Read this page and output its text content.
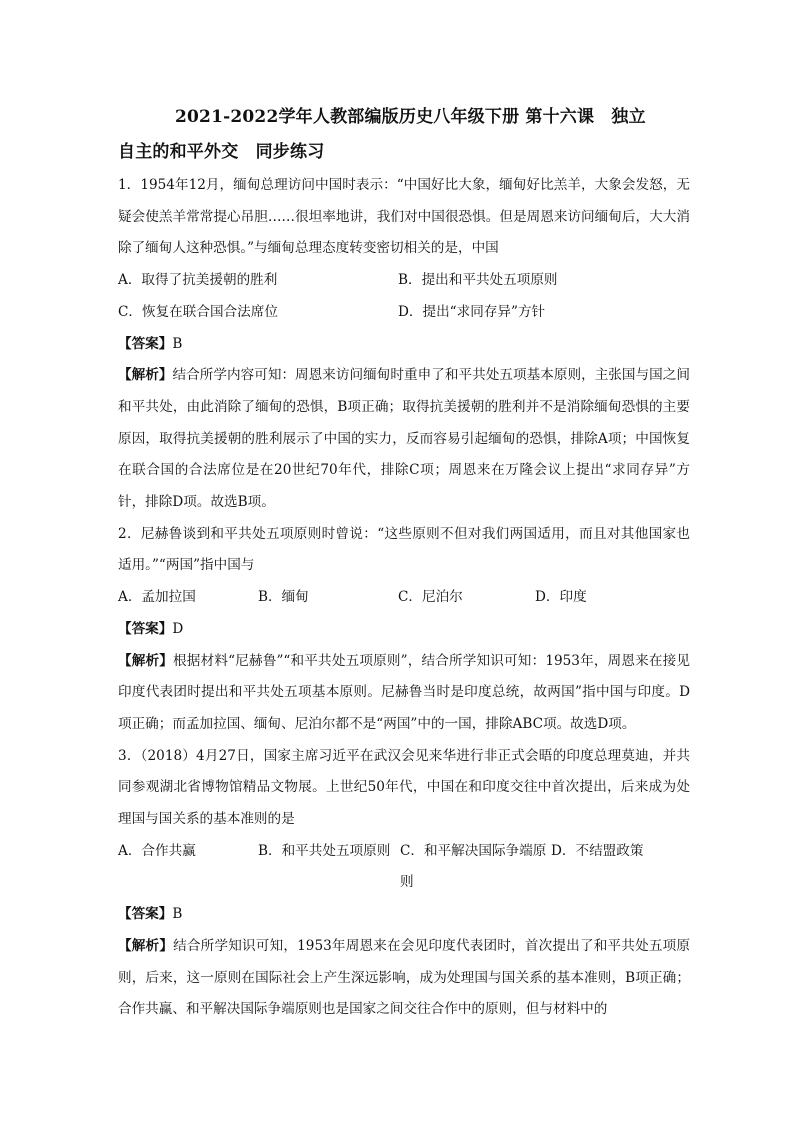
2021-2022学年人教部编版历史八年级下册 第十六课　独立
自主的和平外交　同步练习

1．1954年12月，缅甸总理访问中国时表示：“中国好比大象，缅甸好比羔羊，大象会发怒，无疑会使羔羊常常提心吊胆……很坦率地讲，我们对中国很恐惧。但是周恩来访问缅甸后，大大消除了缅甸人这种恐惧。”与缅甸总理态度转变密切相关的是，中国

A．取得了抗美援朝的胜利	B．提出和平共处五项原则
C．恢复在联合国合法席位	D．提出“求同存异”方针

【答案】B

【解析】结合所学内容可知：周恩来访问缅甸时重申了和平共处五项基本原则，主张国与国之间和平共处，由此消除了缅甸的恐惧，B项正确；取得抗美援朝的胜利并不是消除缅甸恐惧的主要原因，取得抗美援朝的胜利展示了中国的实力，反而容易引起缅甸的恐惧，排除A项；中国恢复在联合国的合法席位是在20世纪70年代，排除C项；周恩来在万隆会议上提出“求同存异”方针，排除D项。故选B项。

2．尼赫鲁谈到和平共处五项原则时曾说：“这些原则不但对我们两国适用，而且对其他国家也适用。”“两国”指中国与

A．孟加拉国	B．缅甸	C．尼泊尔	D．印度

【答案】D

【解析】根据材料“尼赫鲁”“和平共处五项原则”，结合所学知识可知：1953年，周恩来在接见印度代表团时提出和平共处五项基本原则。尼赫鲁当时是印度总统，故两国”指中国与印度。D项正确；而孟加拉国、缅甸、尼泊尔都不是“两国”中的一国，排除ABC项。故选D项。

3．（2018）4月27日，国家主席习近平在武汉会见来华进行非正式会晤的印度总理莫迪，并共同参观湖北省博物馆精品文物展。上世纪50年代，中国在和印度交往中首次提出，后来成为处理国与国关系的基本准则的是

A．合作共赢	B．和平共处五项原则 C．和平解决国际争端原则
D．不结盟政策

【答案】B

【解析】结合所学知识可知，1953年周恩来在会见印度代表团时，首次提出了和平共处五项原则，后来，这一原则在国际社会上产生深远影响，成为处理国与国关系的基本准则，B项正确；合作共赢、和平解决国际争端原则也是国家之间交往合作中的原则，但与材料中的
